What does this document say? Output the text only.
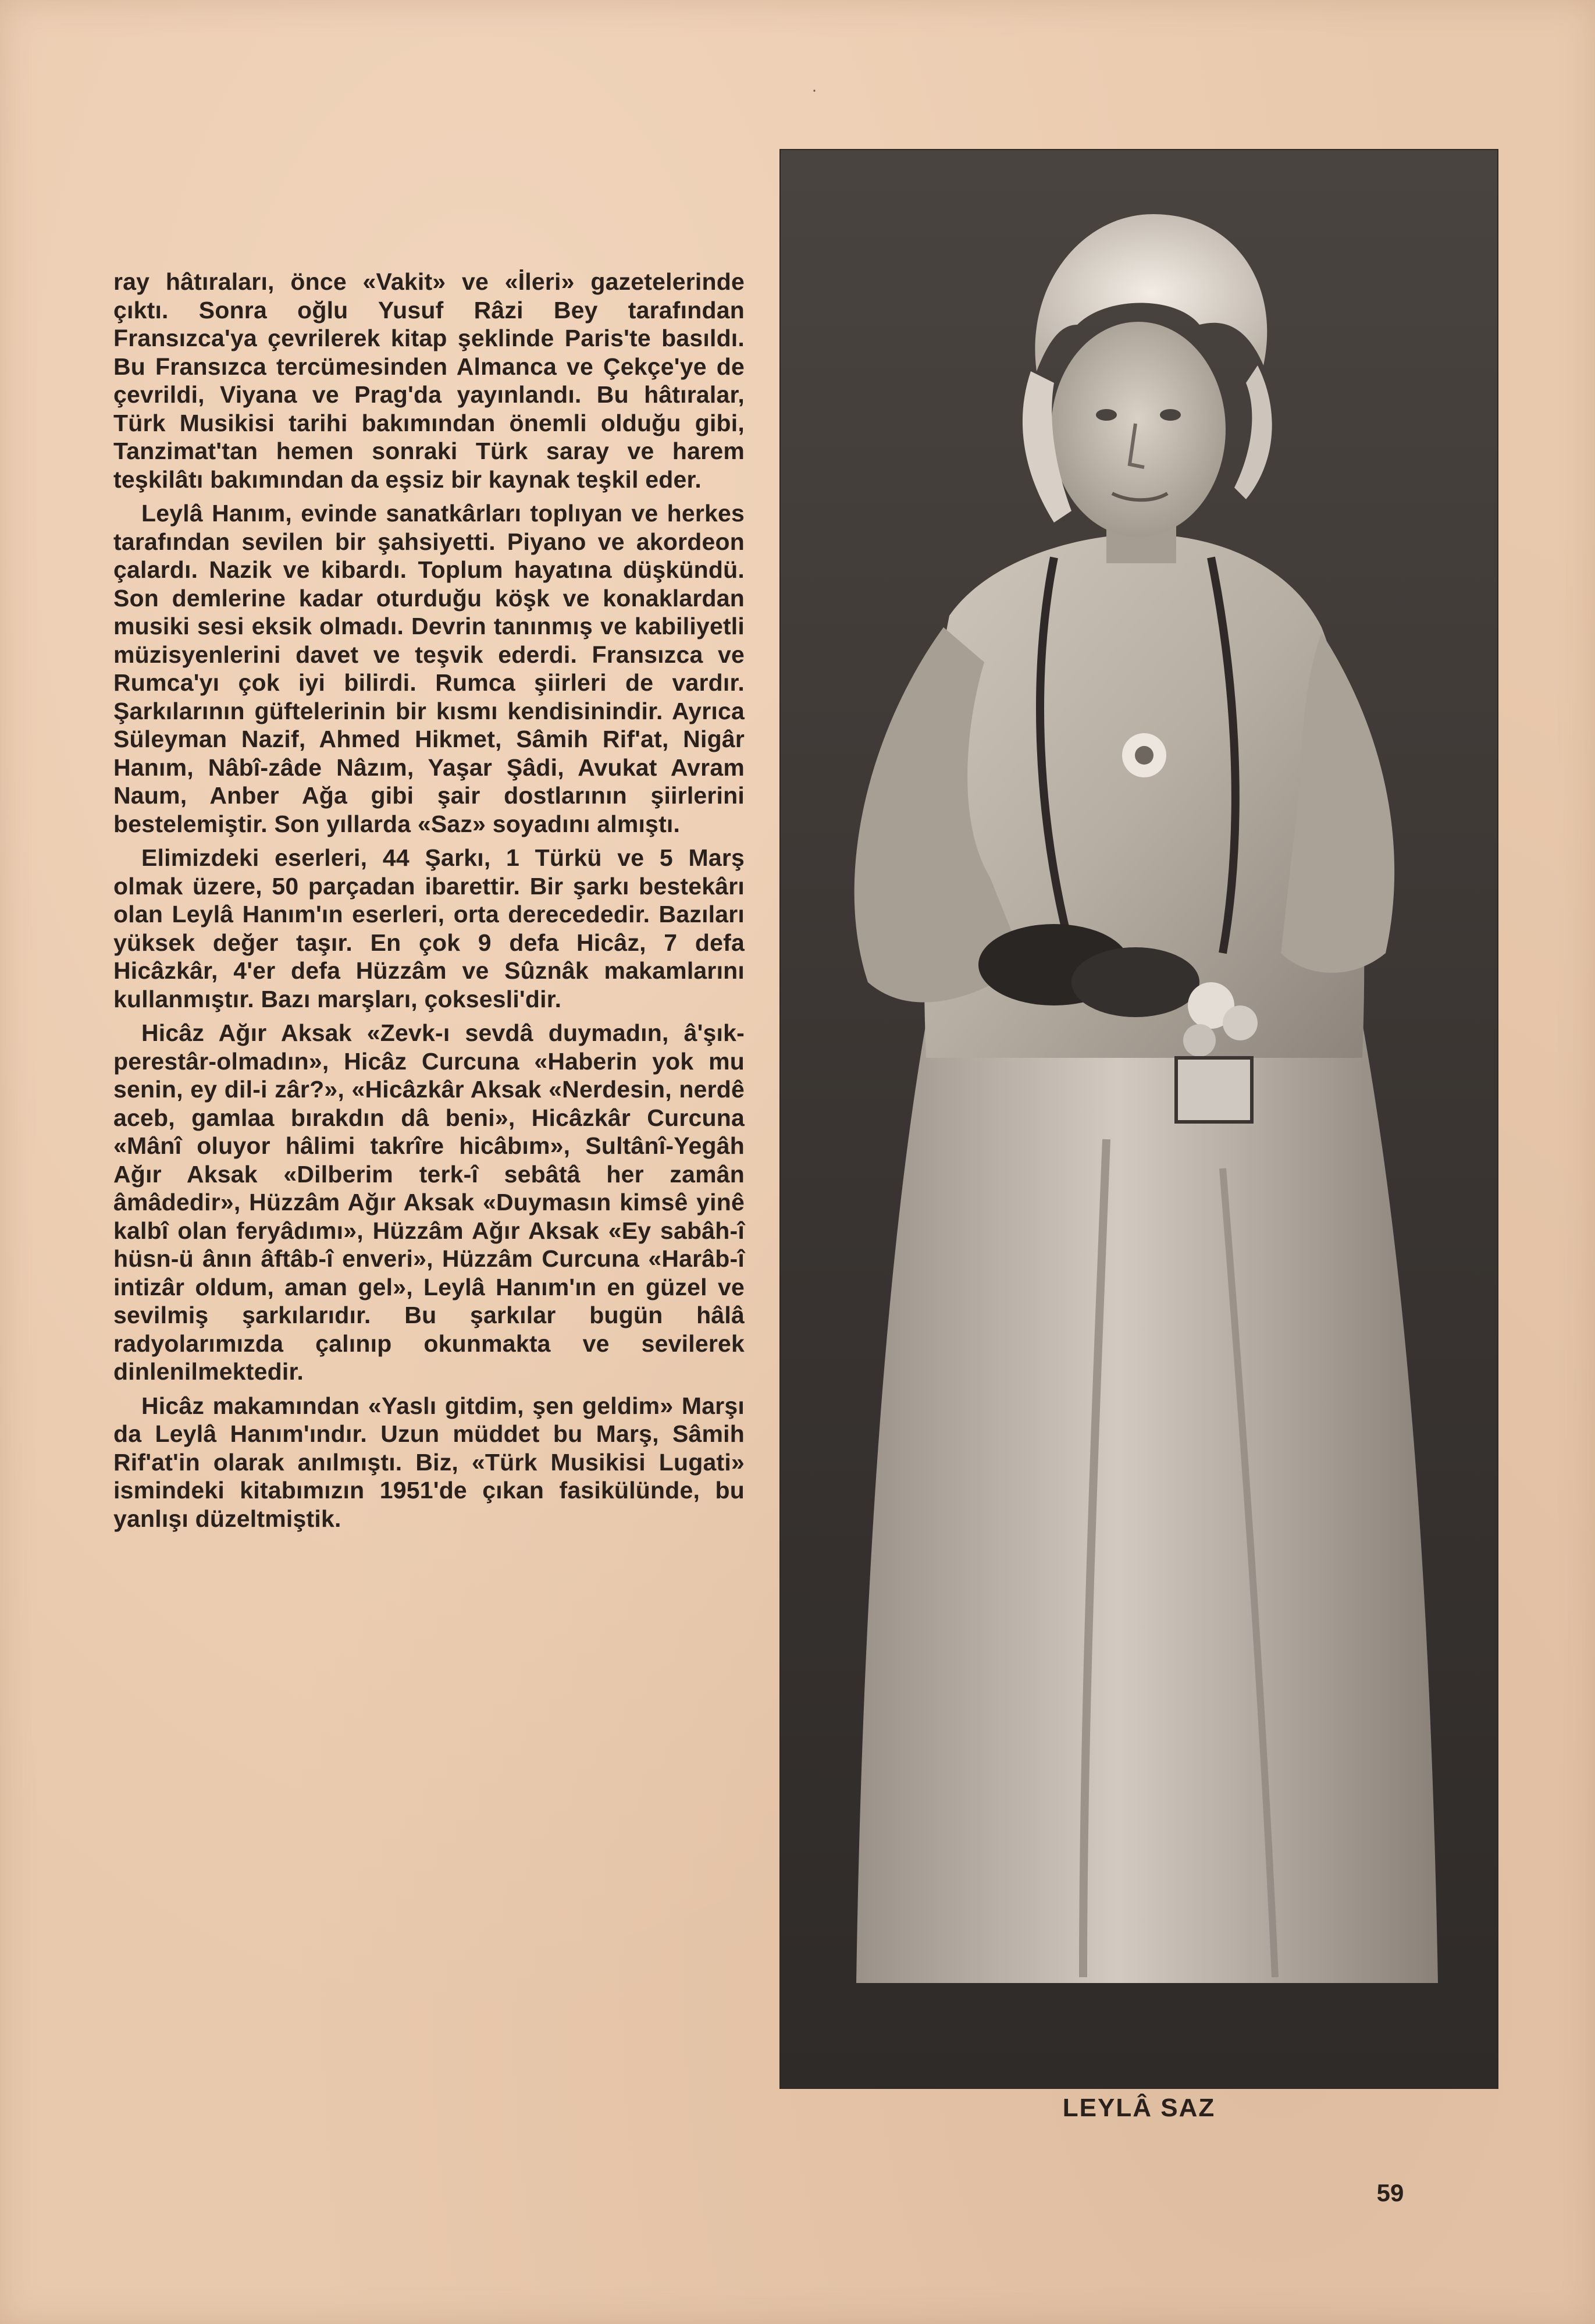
·

ray hâtıraları, önce «Vakit» ve «İleri» gazetelerinde çıktı. Sonra oğlu Yusuf Râzi Bey tarafından Fransızca'ya çevrilerek kitap şeklinde Paris'te basıldı. Bu Fransızca tercümesinden Almanca ve Çekçe'ye de çevrildi, Viyana ve Prag'da yayınlandı. Bu hâtıralar, Türk Musikisi tarihi bakımından önemli olduğu gibi, Tanzimat'tan hemen sonraki Türk saray ve harem teşkilâtı bakımından da eşsiz bir kaynak teşkil eder.

Leylâ Hanım, evinde sanatkârları toplıyan ve herkes tarafından sevilen bir şahsiyetti. Piyano ve akordeon çalardı. Nazik ve kibardı. Toplum hayatına düşkündü. Son demlerine kadar oturduğu köşk ve konaklardan musiki sesi eksik olmadı. Devrin tanınmış ve kabiliyetli müzisyenlerini davet ve teşvik ederdi. Fransızca ve Rumca'yı çok iyi bilirdi. Rumca şiirleri de vardır. Şarkılarının güftelerinin bir kısmı kendisinindir. Ayrıca Süleyman Nazif, Ahmed Hikmet, Sâmih Rif'at, Nigâr Hanım, Nâbî-zâde Nâzım, Yaşar Şâdi, Avukat Avram Naum, Anber Ağa gibi şair dostlarının şiirlerini bestelemiştir. Son yıllarda «Saz» soyadını almıştı.

Elimizdeki eserleri, 44 Şarkı, 1 Türkü ve 5 Marş olmak üzere, 50 parçadan ibarettir. Bir şarkı bestekârı olan Leylâ Hanım'ın eserleri, orta derecededir. Bazıları yüksek değer taşır. En çok 9 defa Hicâz, 7 defa Hicâzkâr, 4'er defa Hüzzâm ve Sûznâk makamlarını kullanmıştır. Bazı marşları, çoksesli'dir.

Hicâz Ağır Aksak «Zevk-ı sevdâ duymadın, â'şık-perestâr-olmadın», Hicâz Curcuna «Haberin yok mu senin, ey dil-i zâr?», «Hicâzkâr Aksak «Nerdesin, nerdê aceb, gamlaa bırakdın dâ beni», Hicâzkâr Curcuna «Mânî oluyor hâlimi takrîre hicâbım», Sultânî-Yegâh Ağır Aksak «Dilberim terk-î sebâtâ her zamân âmâdedir», Hüzzâm Ağır Aksak «Duymasın kimsê yinê kalbî olan feryâdımı», Hüzzâm Ağır Aksak «Ey sabâh-î hüsn-ü ânın âftâb-î enveri», Hüzzâm Curcuna «Harâb-î intizâr oldum, aman gel», Leylâ Hanım'ın en güzel ve sevilmiş şarkılarıdır. Bu şarkılar bugün hâlâ radyolarımızda çalınıp okunmakta ve sevilerek dinlenilmektedir.

Hicâz makamından «Yaslı gitdim, şen geldim» Marşı da Leylâ Hanım'ındır. Uzun müddet bu Marş, Sâmih Rif'at'in olarak anılmıştı. Biz, «Türk Musikisi Lugati» ismindeki kitabımızın 1951'de çıkan fasikülünde, bu yanlışı düzeltmiştik.

LEYLÂ SAZ
59
